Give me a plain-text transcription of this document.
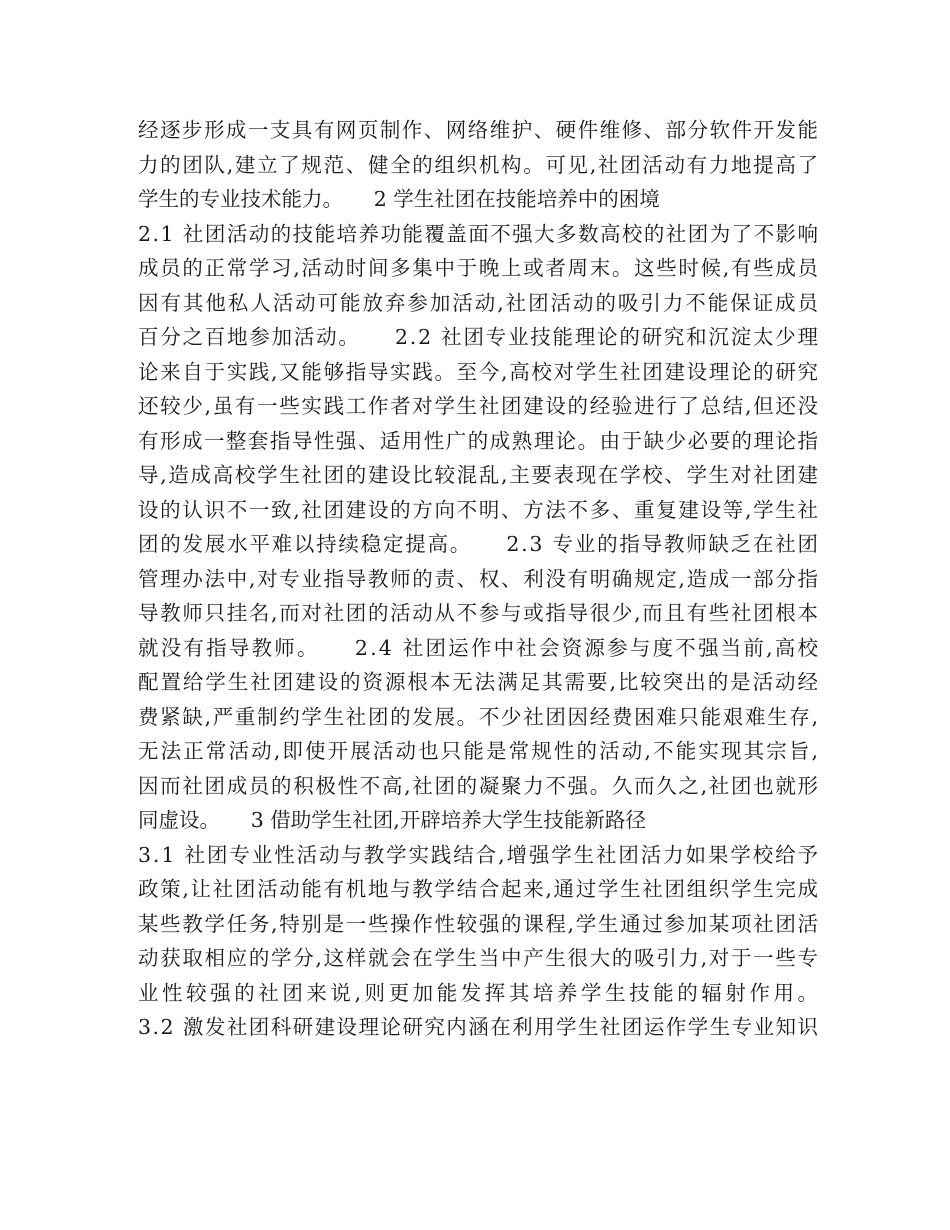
经逐步形成一支具有网页制作、网络维护、硬件维修、部分软件开发能
力的团队,建立了规范、健全的组织机构。可见,社团活动有力地提高了
学生的专业技术能力。　　2 学生社团在技能培养中的困境
2.1 社团活动的技能培养功能覆盖面不强大多数高校的社团为了不影响
成员的正常学习,活动时间多集中于晚上或者周末。这些时候,有些成员
因有其他私人活动可能放弃参加活动,社团活动的吸引力不能保证成员
百分之百地参加活动。　　2.2 社团专业技能理论的研究和沉淀太少理
论来自于实践,又能够指导实践。至今,高校对学生社团建设理论的研究
还较少,虽有一些实践工作者对学生社团建设的经验进行了总结,但还没
有形成一整套指导性强、适用性广的成熟理论。由于缺少必要的理论指
导,造成高校学生社团的建设比较混乱,主要表现在学校、学生对社团建
设的认识不一致,社团建设的方向不明、方法不多、重复建设等,学生社
团的发展水平难以持续稳定提高。　　2.3 专业的指导教师缺乏在社团
管理办法中,对专业指导教师的责、权、利没有明确规定,造成一部分指
导教师只挂名,而对社团的活动从不参与或指导很少,而且有些社团根本
就没有指导教师。　　2.4 社团运作中社会资源参与度不强当前,高校
配置给学生社团建设的资源根本无法满足其需要,比较突出的是活动经
费紧缺,严重制约学生社团的发展。不少社团因经费困难只能艰难生存,
无法正常活动,即使开展活动也只能是常规性的活动,不能实现其宗旨,
因而社团成员的积极性不高,社团的凝聚力不强。久而久之,社团也就形
同虚设。　　3 借助学生社团,开辟培养大学生技能新路径
3.1 社团专业性活动与教学实践结合,增强学生社团活力如果学校给予
政策,让社团活动能有机地与教学结合起来,通过学生社团组织学生完成
某些教学任务,特别是一些操作性较强的课程,学生通过参加某项社团活
动获取相应的学分,这样就会在学生当中产生很大的吸引力,对于一些专
业性较强的社团来说,则更加能发挥其培养学生技能的辐射作用。
3.2 激发社团科研建设理论研究内涵在利用学生社团运作学生专业知识
